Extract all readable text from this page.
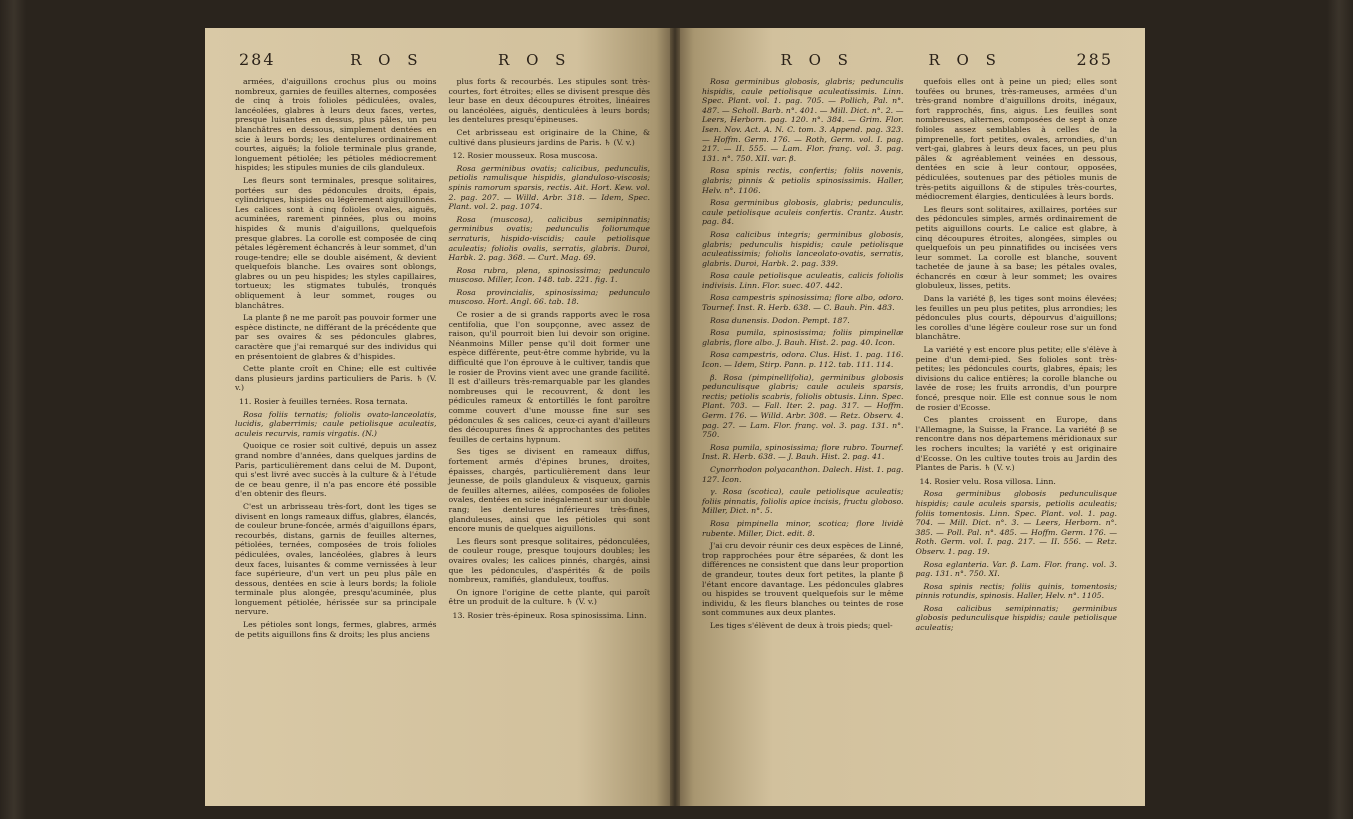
284	R O S	R O S

armées, d'aiguillons crochus plus ou moins nombreux, garnies de feuilles alternes, composées de cinq à trois folioles pédiculées, ovales, lancéolées, glabres à leurs deux faces, vertes, presque luisantes en dessus, plus pâles, un peu blanchâtres en dessous, simplement dentées en scie à leurs bords; les dentelures ordinairement courtes, aiguës; la foliole terminale plus grande, longuement pétiolée; les pétioles médiocrement hispides; les stipules munies de cils glanduleux.

Les fleurs sont terminales, presque solitaires, portées sur des pédoncules droits, épais, cylindriques, hispides ou légèrement aiguillonnés. Les calices sont à cinq folioles ovales, aiguës, acuminées, rarement pinnées, plus ou moins hispides & munis d'aiguillons, quelquefois presque glabres. La corolle est composée de cinq pétales légèrement échancrés à leur sommet, d'un rouge-tendre; elle se double aisément, & devient quelquefois blanche. Les ovaires sont oblongs, glabres ou un peu hispides; les styles capillaires, tortueux; les stigmates tubulés, tronqués obliquement à leur sommet, rouges ou blanchâtres.

La plante β ne me paroît pas pouvoir former une espèce distincte, ne différant de la précédente que par ses ovaires & ses pédoncules glabres, caractère que j'ai remarqué sur des individus qui en présentoient de glabres & d'hispides.

Cette plante croît en Chine; elle est cultivée dans plusieurs jardins particuliers de Paris. ♄ (V. v.)

11. Rosier à feuilles ternées. Rosa ternata.

Rosa foliis ternatis; foliolis ovato-lanceolatis, lucidis, glaberrimis; caule petiolisque aculeatis, aculeis recurvis, ramis virgatis. (N.)

Quoique ce rosier soit cultivé, depuis un assez grand nombre d'années, dans quelques jardins de Paris, particulièrement dans celui de M. Dupont, qui s'est livré avec succès à la culture & à l'étude de ce beau genre, il n'a pas encore été possible d'en obtenir des fleurs.

C'est un arbrisseau très-fort, dont les tiges se divisent en longs rameaux diffus, glabres, élancés, de couleur brune-foncée, armés d'aiguillons épars, recourbés, distans, garnis de feuilles alternes, pétiolées, ternées, composées de trois folioles pédiculées, ovales, lancéolées, glabres à leurs deux faces, luisantes & comme vernissées à leur face supérieure, d'un vert un peu plus pâle en dessous, dentées en scie à leurs bords; la foliole terminale plus alongée, presqu'acuminée, plus longuement pétiolée, hérissée sur sa principale nervure.

Les pétioles sont longs, fermes, glabres, armés de petits aiguillons fins & droits; les plus anciens

plus forts & recourbés. Les stipules sont très-courtes, fort étroites; elles se divisent presque dès leur base en deux découpures étroites, linéaires ou lancéolées, aiguës, denticulées à leurs bords; les dentelures presqu'épineuses.

Cet arbrisseau est originaire de la Chine, & cultivé dans plusieurs jardins de Paris. ♄ (V. v.)

12. Rosier mousseux. Rosa muscosa.

Rosa germinibus ovatis; calicibus, pedunculis, petiolis ramulisque hispidis, glanduloso-viscosis; spinis ramorum sparsis, rectis. Ait. Hort. Kew. vol. 2. pag. 207. — Willd. Arbr. 318. — Idem, Spec. Plant. vol. 2. pag. 1074.

Rosa (muscosa), calicibus semipinnatis; germinibus ovatis; pedunculis foliorumque serraturis, hispido-viscidis; caule petiolisque aculeatis; foliolis ovalis, serratis, glabris. Duroi, Harbk. 2. pag. 368. — Curt. Mag. 69.

Rosa rubra, plena, spinosissima; pedunculo muscoso. Miller, Icon. 148. tab. 221. fig. 1.

Rosa provincialis, spinosissima; pedunculo muscoso. Hort. Angl. 66. tab. 18.

Ce rosier a de si grands rapports avec le rosa centifolia, que l'on soupçonne, avec assez de raison, qu'il pourroit bien lui devoir son origine. Néanmoins Miller pense qu'il doit former une espèce différente, peut-être comme hybride, vu la difficulté que l'on éprouve à le cultiver, tandis que le rosier de Provins vient avec une grande facilité. Il est d'ailleurs très-remarquable par les glandes nombreuses qui le recouvrent, & dont les pédicules rameux & entortillés le font paroître comme couvert d'une mousse fine sur ses pédoncules & ses calices, ceux-ci ayant d'ailleurs des découpures fines & approchantes des petites feuilles de certains hypnum.

Ses tiges se divisent en rameaux diffus, fortement armés d'épines brunes, droites, épaisses, chargés, particulièrement dans leur jeunesse, de poils glanduleux & visqueux, garnis de feuilles alternes, ailées, composées de folioles ovales, dentées en scie inégalement sur un double rang; les dentelures inférieures très-fines, glanduleuses, ainsi que les pétioles qui sont encore munis de quelques aiguillons.

Les fleurs sont presque solitaires, pédonculées, de couleur rouge, presque toujours doubles; les ovaires ovales; les calices pinnés, chargés, ainsi que les pédoncules, d'aspérités & de poils nombreux, ramifiés, glanduleux, touffus.

On ignore l'origine de cette plante, qui paroît être un produit de la culture. ♄ (V. v.)

13. Rosier très-épineux. Rosa spinosissima. Linn.

R O S	R O S	285

Rosa germinibus globosis, glabris; pedunculis hispidis, caule petiolisque aculeatissimis. Linn. Spec. Plant. vol. 1. pag. 705. — Pollich, Pal. n°. 487. — Scholl. Barb. n°. 401. — Mill. Dict. n°. 2. — Leers, Herborn. pag. 120. n°. 384. — Grim. Flor. Isen. Nov. Act. A. N. C. tom. 3. Append. pag. 323. — Hoffm. Germ. 176. — Roth, Germ. vol. I. pag. 217. — II. 555. — Lam. Flor. franç. vol. 3. pag. 131. n°. 750. XII. var. β.

Rosa spinis rectis, confertis; foliis novenis, glabris; pinnis & petiolis spinosissimis. Haller, Helv. n°. 1106.

Rosa germinibus globosis, glabris; pedunculis, caule petiolisque aculeis confertis. Crantz. Austr. pag. 84.

Rosa calicibus integris; germinibus globosis, glabris; pedunculis hispidis; caule petiolisque aculeatissimis; foliolis lanceolato-ovatis, serratis, glabris. Duroi, Harbk. 2. pag. 339.

Rosa caule petiolisque aculeatis, calicis foliolis indivisis. Linn. Flor. suec. 407. 442.

Rosa campestris spinosissima; flore albo, odoro. Tournef. Inst. R. Herb. 638. — C. Bauh. Pin. 483.

Rosa dunensis. Dodon. Pempt. 187.

Rosa pumila, spinosissima; foliis pimpinellæ glabris, flore albo. J. Bauh. Hist. 2. pag. 40. Icon.

Rosa campestris, odora. Clus. Hist. 1. pag. 116. Icon. — Idem, Stirp. Pann. p. 112. tab. 111. 114.

β. Rosa (pimpinellifolia), germinibus globosis pedunculisque glabris; caule aculeis sparsis, rectis; petiolis scabris, foliolis obtusis. Linn. Spec. Plant. 703. — Fall. Iter. 2. pag. 317. — Hoffm. Germ. 176. — Willd. Arbr. 308. — Retz. Observ. 4. pag. 27. — Lam. Flor. franç. vol. 3. pag. 131. n°. 750.

Rosa pumila, spinosissima; flore rubro. Tournef. Inst. R. Herb. 638. — J. Bauh. Hist. 2. pag. 41.

Cynorrhodon polyacanthon. Dalech. Hist. 1. pag. 127. Icon.

γ. Rosa (scotica), caule petiolisque aculeatis; foliis pinnatis, foliolis apice incisis, fructu globoso. Miller, Dict. n°. 5.

Rosa pimpinella minor, scotica; flore lividè rubente. Miller, Dict. edit. 8.

J'ai cru devoir réunir ces deux espèces de Linné, trop rapprochées pour être séparées, & dont les différences ne consistent que dans leur proportion de grandeur, toutes deux fort petites, la plante β l'étant encore davantage. Les pédoncules glabres ou hispides se trouvent quelquefois sur le même individu, & les fleurs blanches ou teintes de rose sont communes aux deux plantes.

Les tiges s'élèvent de deux à trois pieds; quel-

quefois elles ont à peine un pied; elles sont toufées ou brunes, très-rameuses, armées d'un très-grand nombre d'aiguillons droits, inégaux, fort rapprochés, fins, aigus. Les feuilles sont nombreuses, alternes, composées de sept à onze folioles assez semblables à celles de la pimprenelle, fort petites, ovales, arrondies, d'un vert-gai, glabres à leurs deux faces, un peu plus pâles & agréablement veinées en dessous, dentées en scie à leur contour, opposées, pédiculées, soutenues par des pétioles munis de très-petits aiguillons & de stipules très-courtes, médiocrement élargies, denticulées à leurs bords.

Les fleurs sont solitaires, axillaires, portées sur des pédoncules simples, armés ordinairement de petits aiguillons courts. Le calice est glabre, à cinq découpures étroites, alongées, simples ou quelquefois un peu pinnatifides ou incisées vers leur sommet. La corolle est blanche, souvent tachetée de jaune à sa base; les pétales ovales, échancrés en cœur à leur sommet; les ovaires globuleux, lisses, petits.

Dans la variété β, les tiges sont moins élevées; les feuilles un peu plus petites, plus arrondies; les pédoncules plus courts, dépourvus d'aiguillons; les corolles d'une légère couleur rose sur un fond blanchâtre.

La variété γ est encore plus petite; elle s'élève à peine d'un demi-pied. Ses folioles sont très-petites; les pédoncules courts, glabres, épais; les divisions du calice entières; la corolle blanche ou lavée de rose; les fruits arrondis, d'un pourpre foncé, presque noir. Elle est connue sous le nom de rosier d'Ecosse.

Ces plantes croissent en Europe, dans l'Allemagne, la Suisse, la France. La variété β se rencontre dans nos départemens méridionaux sur les rochers incultes; la variété γ est originaire d'Ecosse. On les cultive toutes trois au Jardin des Plantes de Paris. ♄ (V. v.)

14. Rosier velu. Rosa villosa. Linn.

Rosa germinibus globosis pedunculisque hispidis; caule aculeis sparsis, petiolis aculeatis; foliis tomentosis. Linn. Spec. Plant. vol. 1. pag. 704. — Mill. Dict. n°. 3. — Leers, Herborn. n°. 385. — Poll. Pal. n°. 485. — Hoffm. Germ. 176. — Roth. Germ. vol. I. pag. 217. — II. 556. — Retz. Observ. 1. pag. 19.

Rosa eglanteria. Var. β. Lam. Flor. franç. vol. 3. pag. 131. n°. 750. XI.

Rosa spinis rectis; foliis quinis, tomentosis; pinnis rotundis, spinosis. Haller, Helv. n°. 1105.

Rosa calicibus semipinnatis; germinibus globosis pedunculisque hispidis; caule petiolisque aculeatis;
